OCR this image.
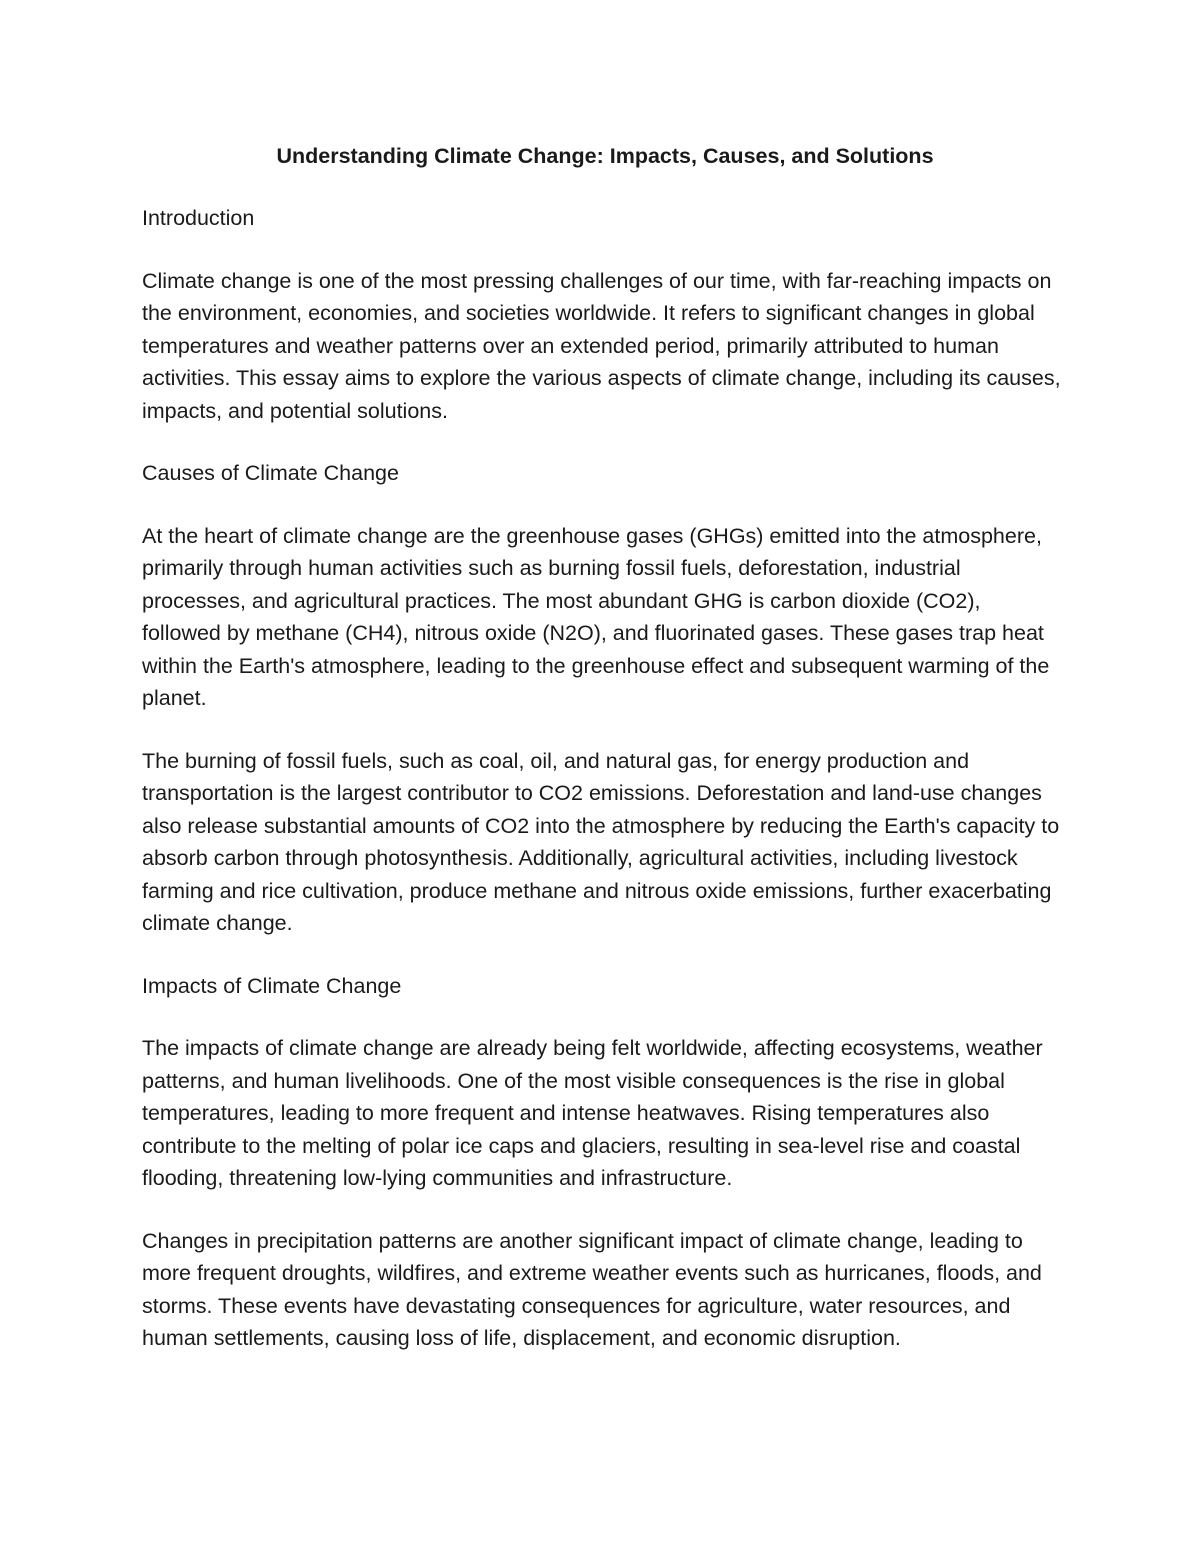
Understanding Climate Change: Impacts, Causes, and Solutions
Introduction

Climate change is one of the most pressing challenges of our time, with far-reaching impacts on the environment, economies, and societies worldwide. It refers to significant changes in global temperatures and weather patterns over an extended period, primarily attributed to human activities. This essay aims to explore the various aspects of climate change, including its causes, impacts, and potential solutions.

Causes of Climate Change

At the heart of climate change are the greenhouse gases (GHGs) emitted into the atmosphere, primarily through human activities such as burning fossil fuels, deforestation, industrial processes, and agricultural practices. The most abundant GHG is carbon dioxide (CO2), followed by methane (CH4), nitrous oxide (N2O), and fluorinated gases. These gases trap heat within the Earth's atmosphere, leading to the greenhouse effect and subsequent warming of the planet.

The burning of fossil fuels, such as coal, oil, and natural gas, for energy production and transportation is the largest contributor to CO2 emissions. Deforestation and land-use changes also release substantial amounts of CO2 into the atmosphere by reducing the Earth's capacity to absorb carbon through photosynthesis. Additionally, agricultural activities, including livestock farming and rice cultivation, produce methane and nitrous oxide emissions, further exacerbating climate change.

Impacts of Climate Change

The impacts of climate change are already being felt worldwide, affecting ecosystems, weather patterns, and human livelihoods. One of the most visible consequences is the rise in global temperatures, leading to more frequent and intense heatwaves. Rising temperatures also contribute to the melting of polar ice caps and glaciers, resulting in sea-level rise and coastal flooding, threatening low-lying communities and infrastructure.

Changes in precipitation patterns are another significant impact of climate change, leading to more frequent droughts, wildfires, and extreme weather events such as hurricanes, floods, and storms. These events have devastating consequences for agriculture, water resources, and human settlements, causing loss of life, displacement, and economic disruption.
